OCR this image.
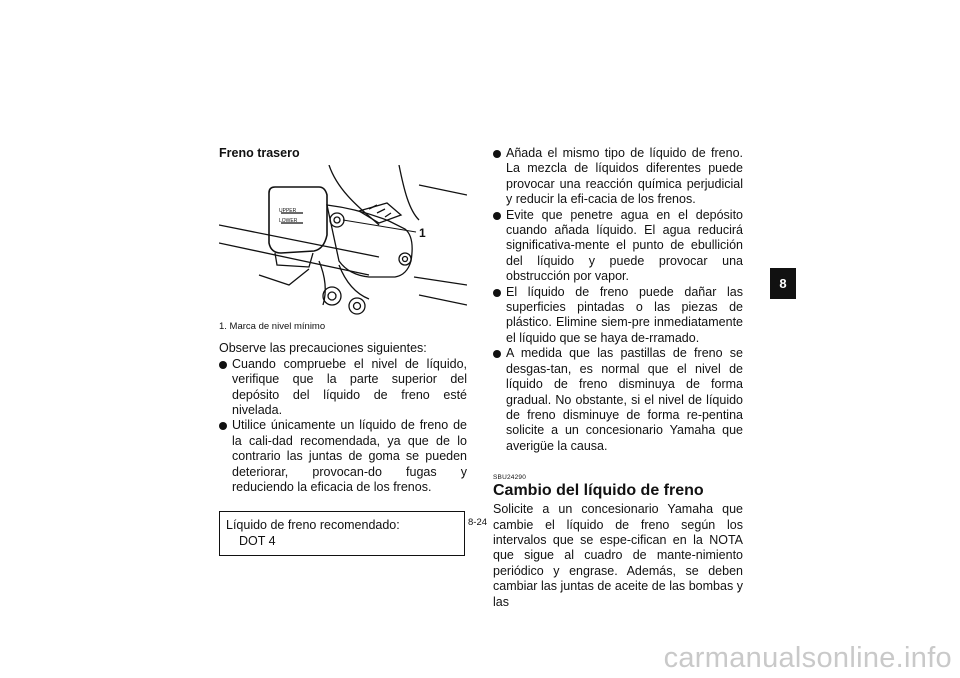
Freno trasero
UPPER
LOWER
1
1. Marca de nivel mínimo
Observe las precauciones siguientes:
Cuando compruebe el nivel de líquido, verifique que la parte superior del depósito del líquido de freno esté nivelada.
Utilice únicamente un líquido de freno de la cali-dad recomendada, ya que de lo contrario las juntas de goma se pueden deteriorar, provocan-do fugas y reduciendo la eficacia de los frenos.
Líquido de freno recomendado:
DOT 4
Añada el mismo tipo de líquido de freno. La mezcla de líquidos diferentes puede provocar una reacción química perjudicial y reducir la efi-cacia de los frenos.
Evite que penetre agua en el depósito cuando añada líquido. El agua reducirá significativa-mente el punto de ebullición del líquido y puede provocar una obstrucción por vapor.
El líquido de freno puede dañar las superficies pintadas o las piezas de plástico. Elimine siem-pre inmediatamente el líquido que se haya de-rramado.
A medida que las pastillas de freno se desgas-tan, es normal que el nivel de líquido de freno disminuya de forma gradual. No obstante, si el nivel de líquido de freno disminuye de forma re-pentina solicite a un concesionario Yamaha que averigüe la causa.
SBU24290
Cambio del líquido de freno
Solicite a un concesionario Yamaha que cambie el líquido de freno según los intervalos que se espe-cifican en la NOTA que sigue al cuadro de mante-nimiento periódico y engrase. Además, se deben cambiar las juntas de aceite de las bombas y las
8-24
8
carmanualsonline.info
